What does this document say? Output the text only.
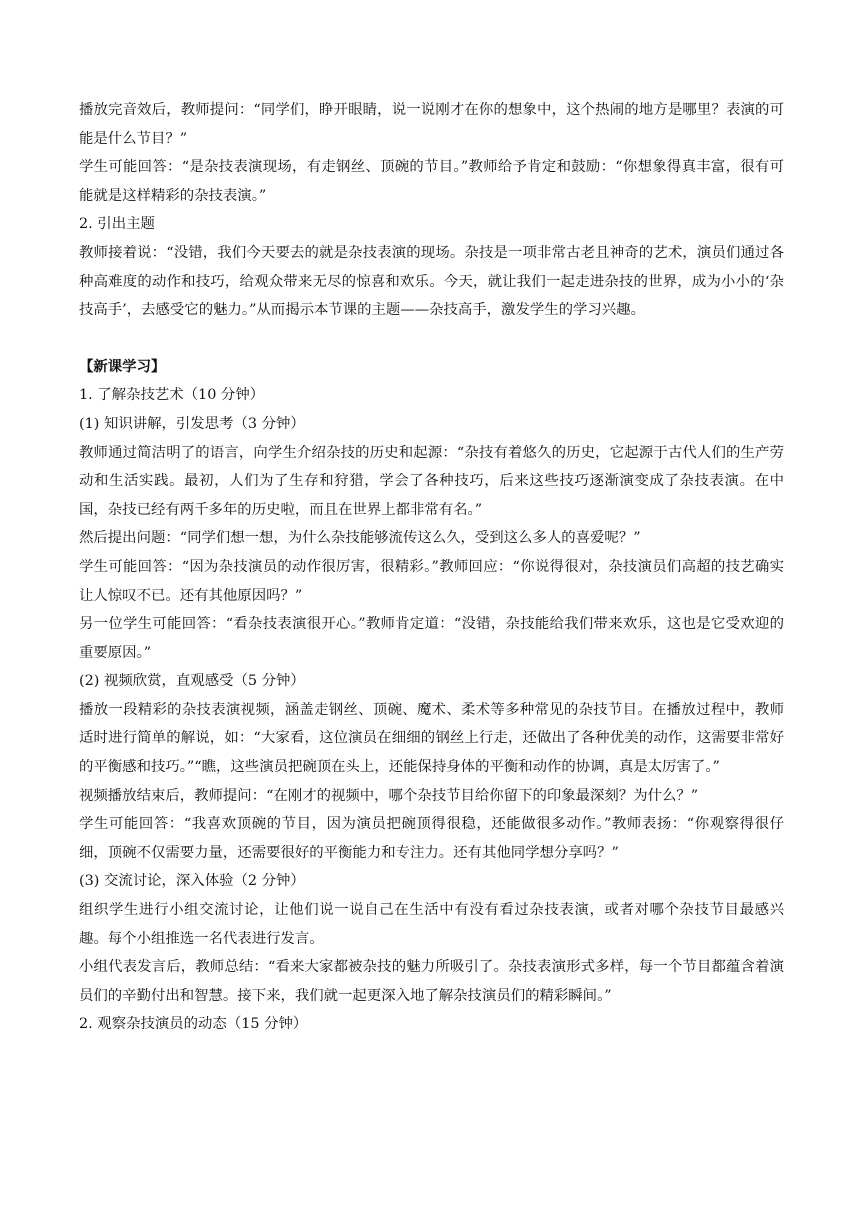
播放完音效后，教师提问：“同学们，睁开眼睛，说一说刚才在你的想象中，这个热闹的地方是哪里？表演的可能是什么节目？”

学生可能回答：“是杂技表演现场，有走钢丝、顶碗的节目。”教师给予肯定和鼓励：“你想象得真丰富，很有可能就是这样精彩的杂技表演。”

2. 引出主题

教师接着说：“没错，我们今天要去的就是杂技表演的现场。杂技是一项非常古老且神奇的艺术，演员们通过各种高难度的动作和技巧，给观众带来无尽的惊喜和欢乐。今天，就让我们一起走进杂技的世界，成为小小的‘杂技高手’，去感受它的魅力。”从而揭示本节课的主题——杂技高手，激发学生的学习兴趣。

【新课学习】

1. 了解杂技艺术（10 分钟）

(1) 知识讲解，引发思考（3 分钟）

教师通过简洁明了的语言，向学生介绍杂技的历史和起源：“杂技有着悠久的历史，它起源于古代人们的生产劳动和生活实践。最初，人们为了生存和狩猎，学会了各种技巧，后来这些技巧逐渐演变成了杂技表演。在中国，杂技已经有两千多年的历史啦，而且在世界上都非常有名。”

然后提出问题：“同学们想一想，为什么杂技能够流传这么久，受到这么多人的喜爱呢？”

学生可能回答：“因为杂技演员的动作很厉害，很精彩。”教师回应：“你说得很对，杂技演员们高超的技艺确实让人惊叹不已。还有其他原因吗？”

另一位学生可能回答：“看杂技表演很开心。”教师肯定道：“没错，杂技能给我们带来欢乐，这也是它受欢迎的重要原因。”

(2) 视频欣赏，直观感受（5 分钟）

播放一段精彩的杂技表演视频，涵盖走钢丝、顶碗、魔术、柔术等多种常见的杂技节目。在播放过程中，教师适时进行简单的解说，如：“大家看，这位演员在细细的钢丝上行走，还做出了各种优美的动作，这需要非常好的平衡感和技巧。”“瞧，这些演员把碗顶在头上，还能保持身体的平衡和动作的协调，真是太厉害了。”

视频播放结束后，教师提问：“在刚才的视频中，哪个杂技节目给你留下的印象最深刻？为什么？”

学生可能回答：“我喜欢顶碗的节目，因为演员把碗顶得很稳，还能做很多动作。”教师表扬：“你观察得很仔细，顶碗不仅需要力量，还需要很好的平衡能力和专注力。还有其他同学想分享吗？”

(3) 交流讨论，深入体验（2 分钟）

组织学生进行小组交流讨论，让他们说一说自己在生活中有没有看过杂技表演，或者对哪个杂技节目最感兴趣。每个小组推选一名代表进行发言。

小组代表发言后，教师总结：“看来大家都被杂技的魅力所吸引了。杂技表演形式多样，每一个节目都蕴含着演员们的辛勤付出和智慧。接下来，我们就一起更深入地了解杂技演员们的精彩瞬间。”

2. 观察杂技演员的动态（15 分钟）
